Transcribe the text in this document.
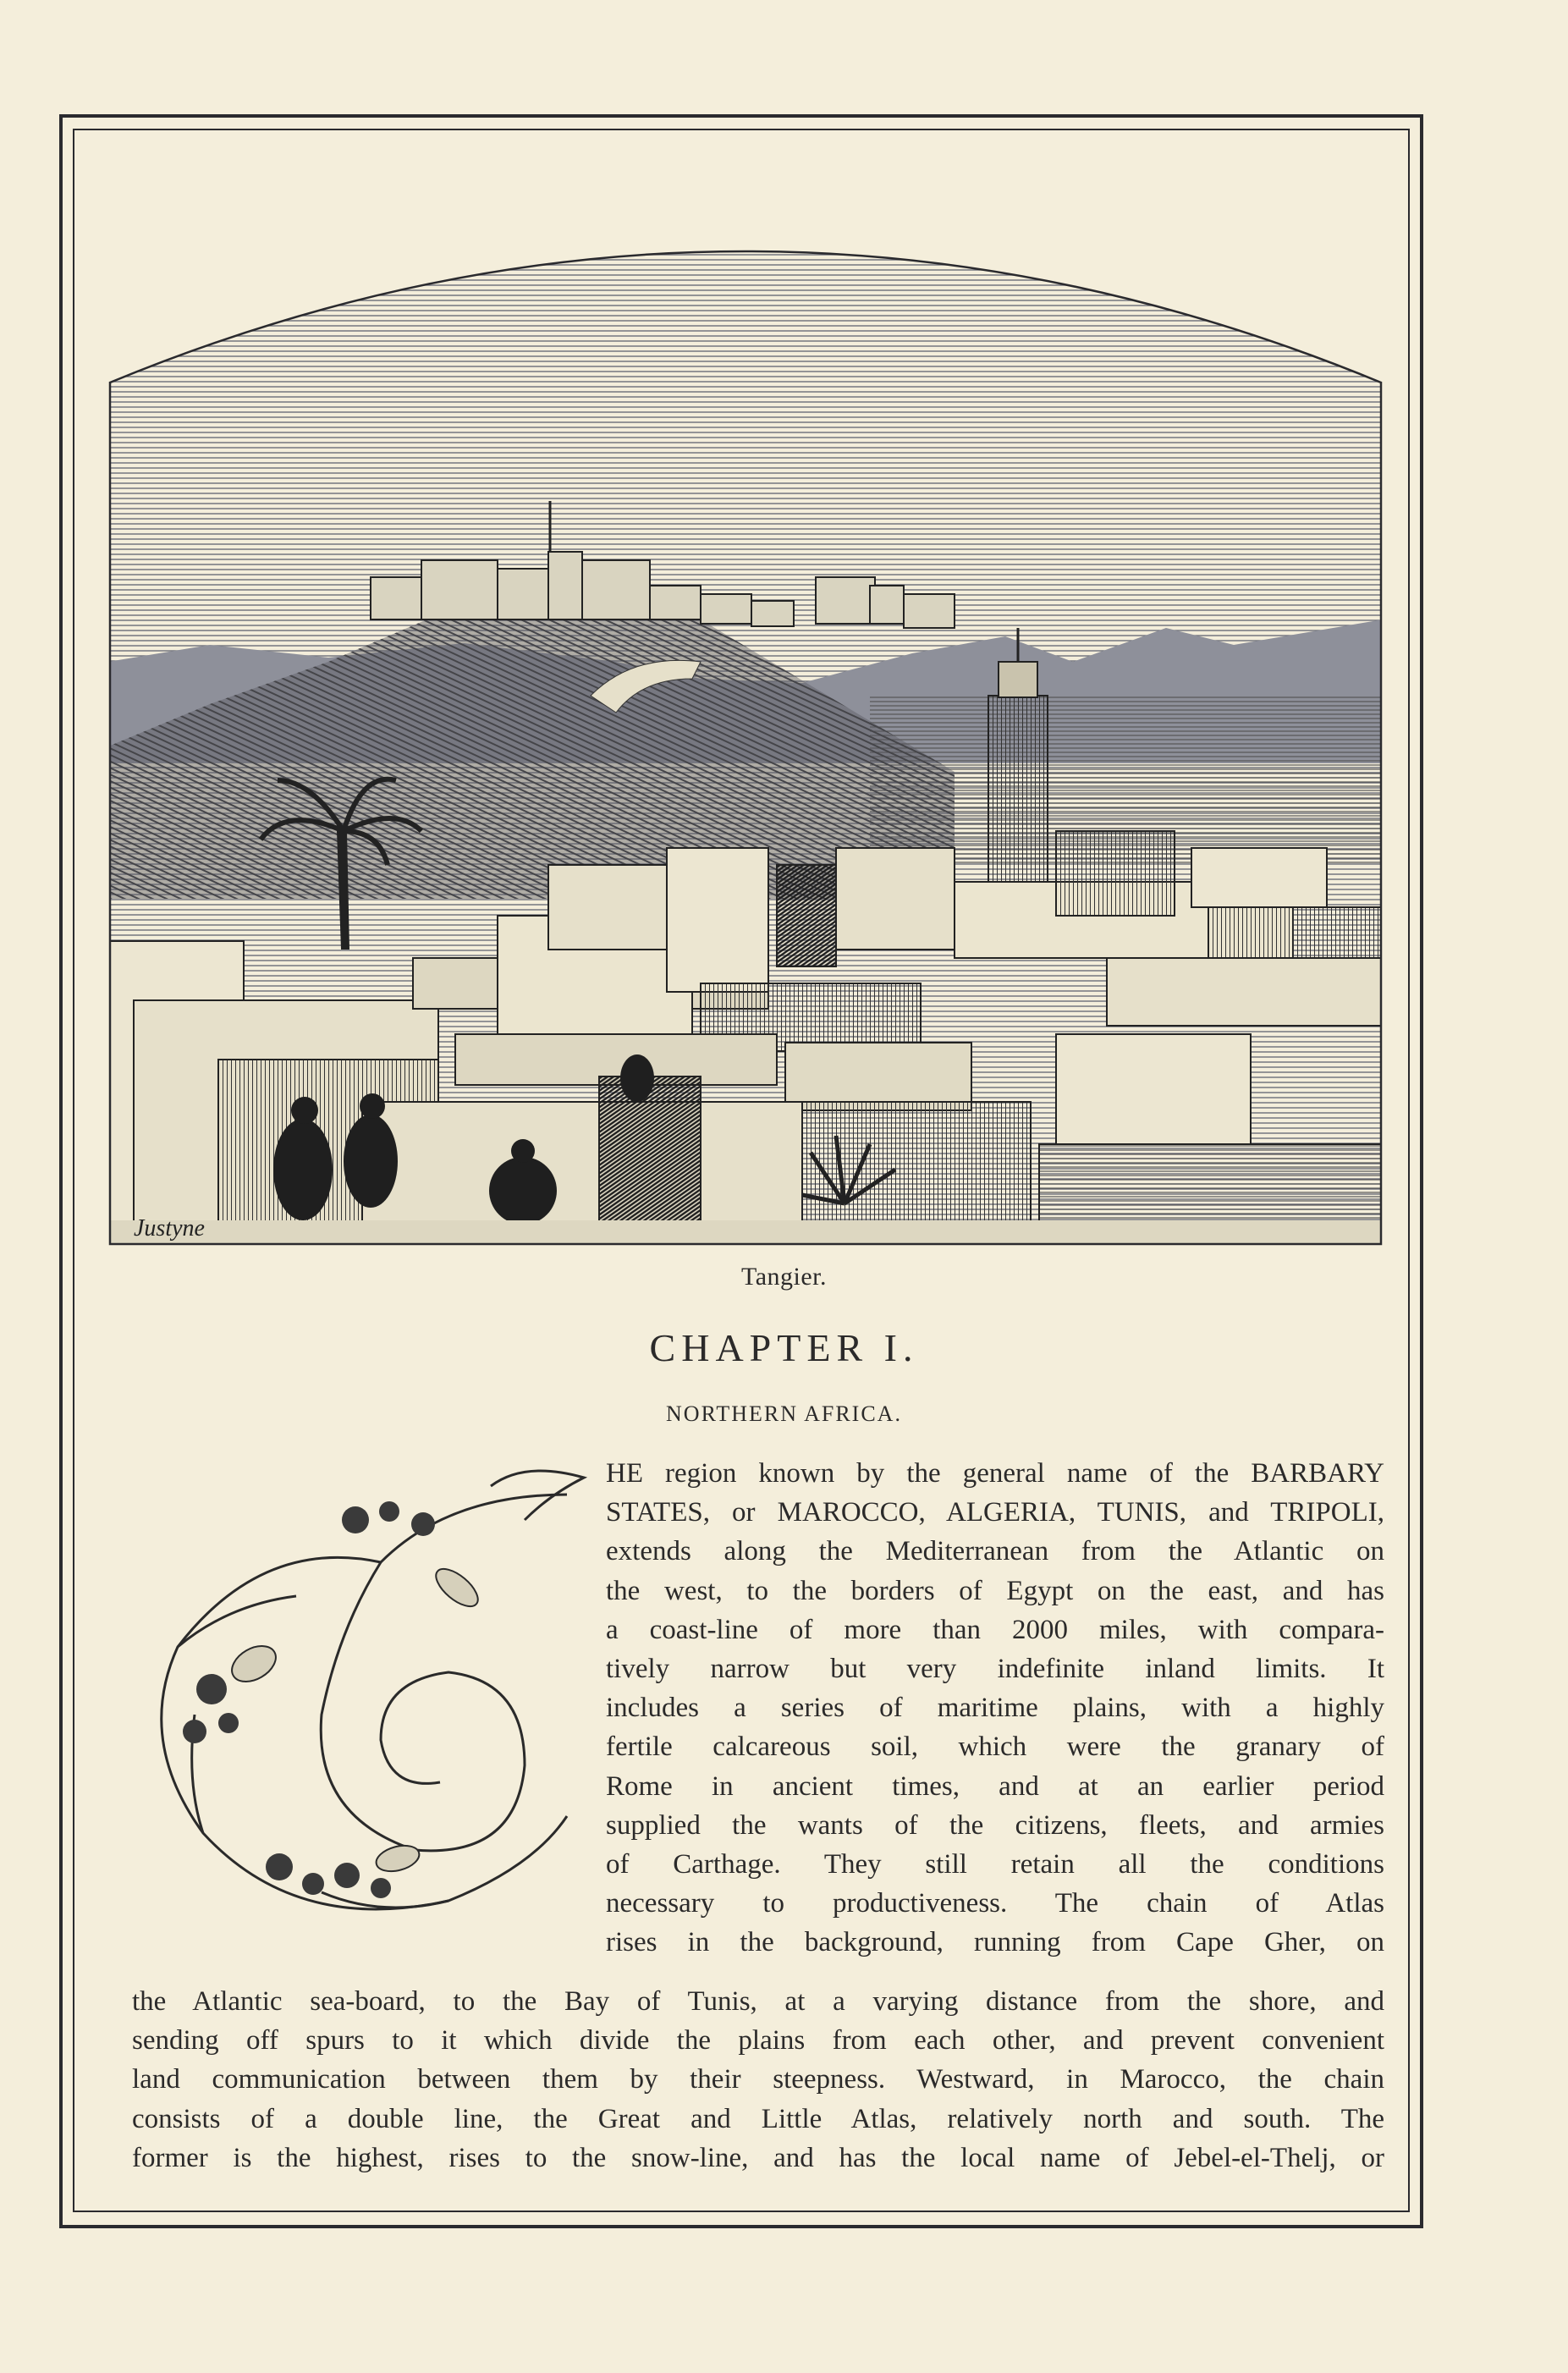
Justyne
Tangier.
CHAPTER I.
NORTHERN AFRICA.
HE region known by the general name of the BARBARY
STATES, or MAROCCO, ALGERIA, TUNIS, and TRIPOLI,
extends along the Mediterranean from the Atlantic on
the west, to the borders of Egypt on the east, and has
a coast-line of more than 2000 miles, with compara-
tively narrow but very indefinite inland limits. It
includes a series of maritime plains, with a highly
fertile calcareous soil, which were the granary of
Rome in ancient times, and at an earlier period
supplied the wants of the citizens, fleets, and armies
of Carthage. They still retain all the conditions
necessary to productiveness. The chain of Atlas
rises in the background, running from Cape Gher, on
the Atlantic sea-board, to the Bay of Tunis, at a varying distance from the shore, and
sending off spurs to it which divide the plains from each other, and prevent convenient
land communication between them by their steepness. Westward, in Marocco, the chain
consists of a double line, the Great and Little Atlas, relatively north and south. The
former is the highest, rises to the snow-line, and has the local name of Jebel-el-Thelj, or
